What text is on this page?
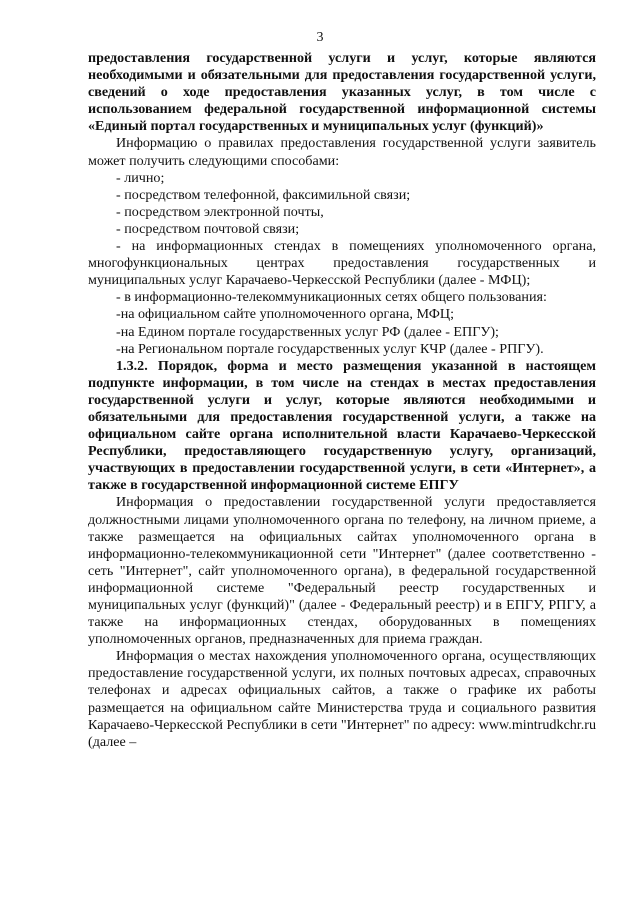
3

предоставления государственной услуги и услуг, которые являются необходимыми и обязательными для предоставления государственной услуги, сведений о ходе предоставления указанных услуг, в том числе с использованием федеральной государственной информационной системы «Единый портал государственных и муниципальных услуг (функций)»

Информацию о правилах предоставления государственной услуги заявитель может получить следующими способами:

- лично;

- посредством телефонной, факсимильной связи;

- посредством электронной почты,

- посредством почтовой связи;

- на информационных стендах в помещениях уполномоченного органа, многофункциональных центрах предоставления государственных и муниципальных услуг Карачаево-Черкесской Республики (далее - МФЦ);

- в информационно-телекоммуникационных сетях общего пользования:

-на официальном сайте уполномоченного органа, МФЦ;

-на Едином портале государственных услуг РФ (далее - ЕПГУ);

-на Региональном портале государственных услуг КЧР (далее - РПГУ).

1.3.2. Порядок, форма и место размещения указанной в настоящем подпункте информации, в том числе на стендах в местах предоставления государственной услуги и услуг, которые являются необходимыми и обязательными для предоставления государственной услуги, а также на официальном сайте органа исполнительной власти Карачаево-Черкесской Республики, предоставляющего государственную услугу, организаций, участвующих в предоставлении государственной услуги, в сети «Интернет», а также в государственной информационной системе ЕПГУ

Информация о предоставлении государственной услуги предоставляется должностными лицами уполномоченного органа по телефону, на личном приеме, а также размещается на официальных сайтах уполномоченного органа в информационно-телекоммуникационной сети "Интернет" (далее соответственно - сеть "Интернет", сайт уполномоченного органа), в федеральной государственной информационной системе "Федеральный реестр государственных и муниципальных услуг (функций)" (далее - Федеральный реестр) и в ЕПГУ, РПГУ, а также на информационных стендах, оборудованных в помещениях уполномоченных органов, предназначенных для приема граждан.

Информация о местах нахождения уполномоченного органа, осуществляющих предоставление государственной услуги, их полных почтовых адресах, справочных телефонах и адресах официальных сайтов, а также о графике их работы размещается на официальном сайте Министерства труда и социального развития Карачаево-Черкесской Республики в сети "Интернет" по адресу: www.mintrudkchr.ru (далее –
